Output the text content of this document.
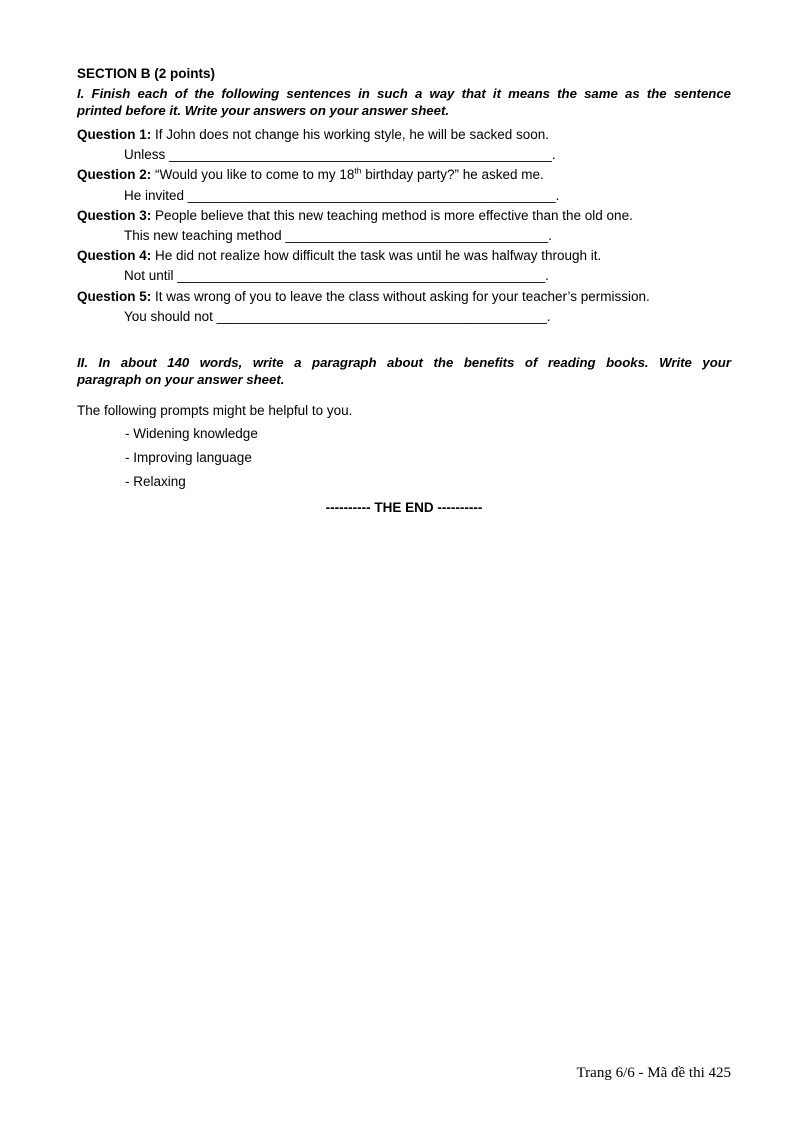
SECTION B (2 points)
I. Finish each of the following sentences in such a way that it means the same as the sentence
printed before it. Write your answers on your answer sheet.
Question 1: If John does not change his working style, he will be sacked soon.
Unless ___________________________________________________.
Question 2: “Would you like to come to my 18th birthday party?” he asked me.
He invited _________________________________________________.
Question 3: People believe that this new teaching method is more effective than the old one.
This new teaching method ___________________________________.
Question 4: He did not realize how difficult the task was until he was halfway through it.
Not until _________________________________________________.
Question 5: It was wrong of you to leave the class without asking for your teacher’s permission.
You should not ____________________________________________.
II. In about 140 words, write a paragraph about the benefits of reading books. Write your
paragraph on your answer sheet.

The following prompts might be helpful to you.

- Widening knowledge
- Improving language
- Relaxing
---------- THE END ----------
Trang 6/6 - Mã đề thi 425
